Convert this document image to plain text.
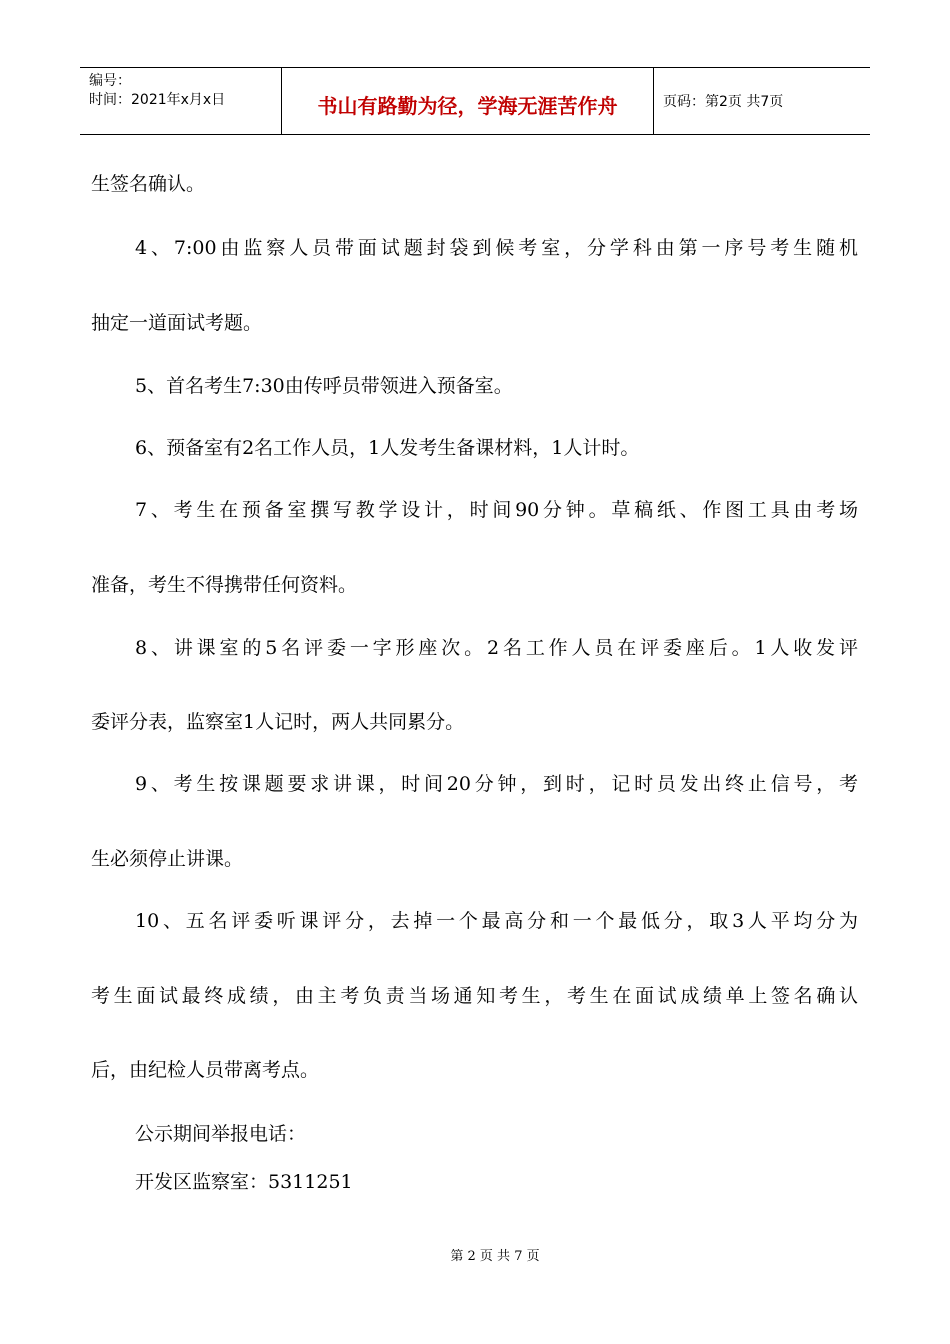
编号：
时间：2021年x月x日	书山有路勤为径，学海无涯苦作舟	页码：第2页 共7页
生签名确认。
4、7:00由监察人员带面试题封袋到候考室，分学科由第一序号考生随机
抽定一道面试考题。
5、首名考生7:30由传呼员带领进入预备室。
6、预备室有2名工作人员，1人发考生备课材料，1人计时。
7、考生在预备室撰写教学设计，时间90分钟。草稿纸、作图工具由考场
准备，考生不得携带任何资料。
8、讲课室的5名评委一字形座次。2名工作人员在评委座后。1人收发评
委评分表，监察室1人记时，两人共同累分。
9、考生按课题要求讲课，时间20分钟，到时，记时员发出终止信号，考
生必须停止讲课。
10、五名评委听课评分，去掉一个最高分和一个最低分，取3人平均分为
考生面试最终成绩，由主考负责当场通知考生，考生在面试成绩单上签名确认
后，由纪检人员带离考点。
公示期间举报电话：
开发区监察室：5311251
第 2 页 共 7 页
